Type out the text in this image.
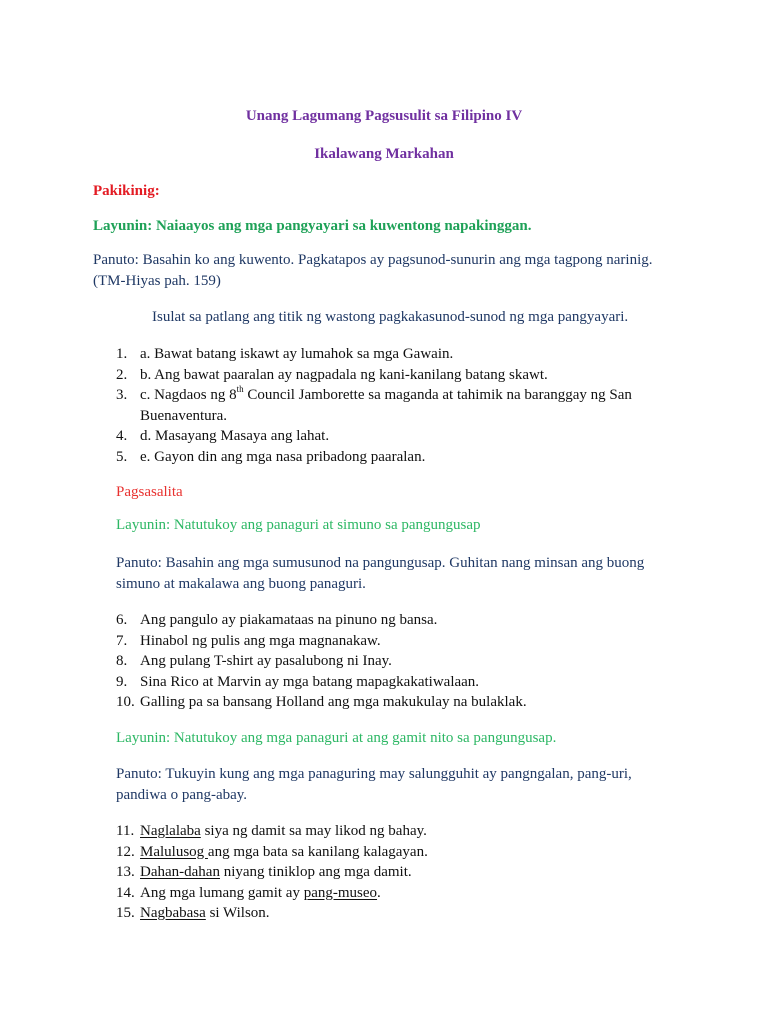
Unang Lagumang Pagsusulit sa Filipino IV
Ikalawang Markahan
Pakikinig:
Layunin: Naiaayos ang mga pangyayari sa kuwentong napakinggan.
Panuto: Basahin ko ang kuwento. Pagkatapos ay pagsunod-sunurin ang mga tagpong narinig.
(TM-Hiyas pah. 159)
Isulat sa patlang ang titik ng wastong pagkakasunod-sunod ng mga pangyayari.
1. a. Bawat batang iskawt ay lumahok sa mga Gawain.
2. b. Ang bawat paaralan ay nagpadala ng kani-kanilang batang skawt.
3. c. Nagdaos ng 8th Council Jamborette sa maganda at tahimik na baranggay ng San
Buenaventura.
4. d. Masayang Masaya ang lahat.
5. e. Gayon din ang mga nasa pribadong paaralan.
Pagsasalita
Layunin: Natutukoy ang panaguri at simuno sa pangungusap
Panuto: Basahin ang mga sumusunod na pangungusap. Guhitan nang minsan ang buong
simuno at makalawa ang buong panaguri.
6. Ang pangulo ay piakamataas na pinuno ng bansa.
7. Hinabol ng pulis ang mga magnanakaw.
8. Ang pulang T-shirt ay pasalubong ni Inay.
9. Sina Rico at Marvin ay mga batang mapagkakatiwalaan.
10. Galling pa sa bansang Holland ang mga makukulay na bulaklak.
Layunin: Natutukoy ang mga panaguri at ang gamit nito sa pangungusap.
Panuto: Tukuyin kung ang mga panaguring may salungguhit ay pangngalan, pang-uri,
pandiwa o pang-abay.
11. Naglalaba siya ng damit sa may likod ng bahay.
12. Malulusog ang mga bata sa kanilang kalagayan.
13. Dahan-dahan niyang tiniklop ang mga damit.
14. Ang mga lumang gamit ay pang-museo.
15. Nagbabasa si Wilson.
